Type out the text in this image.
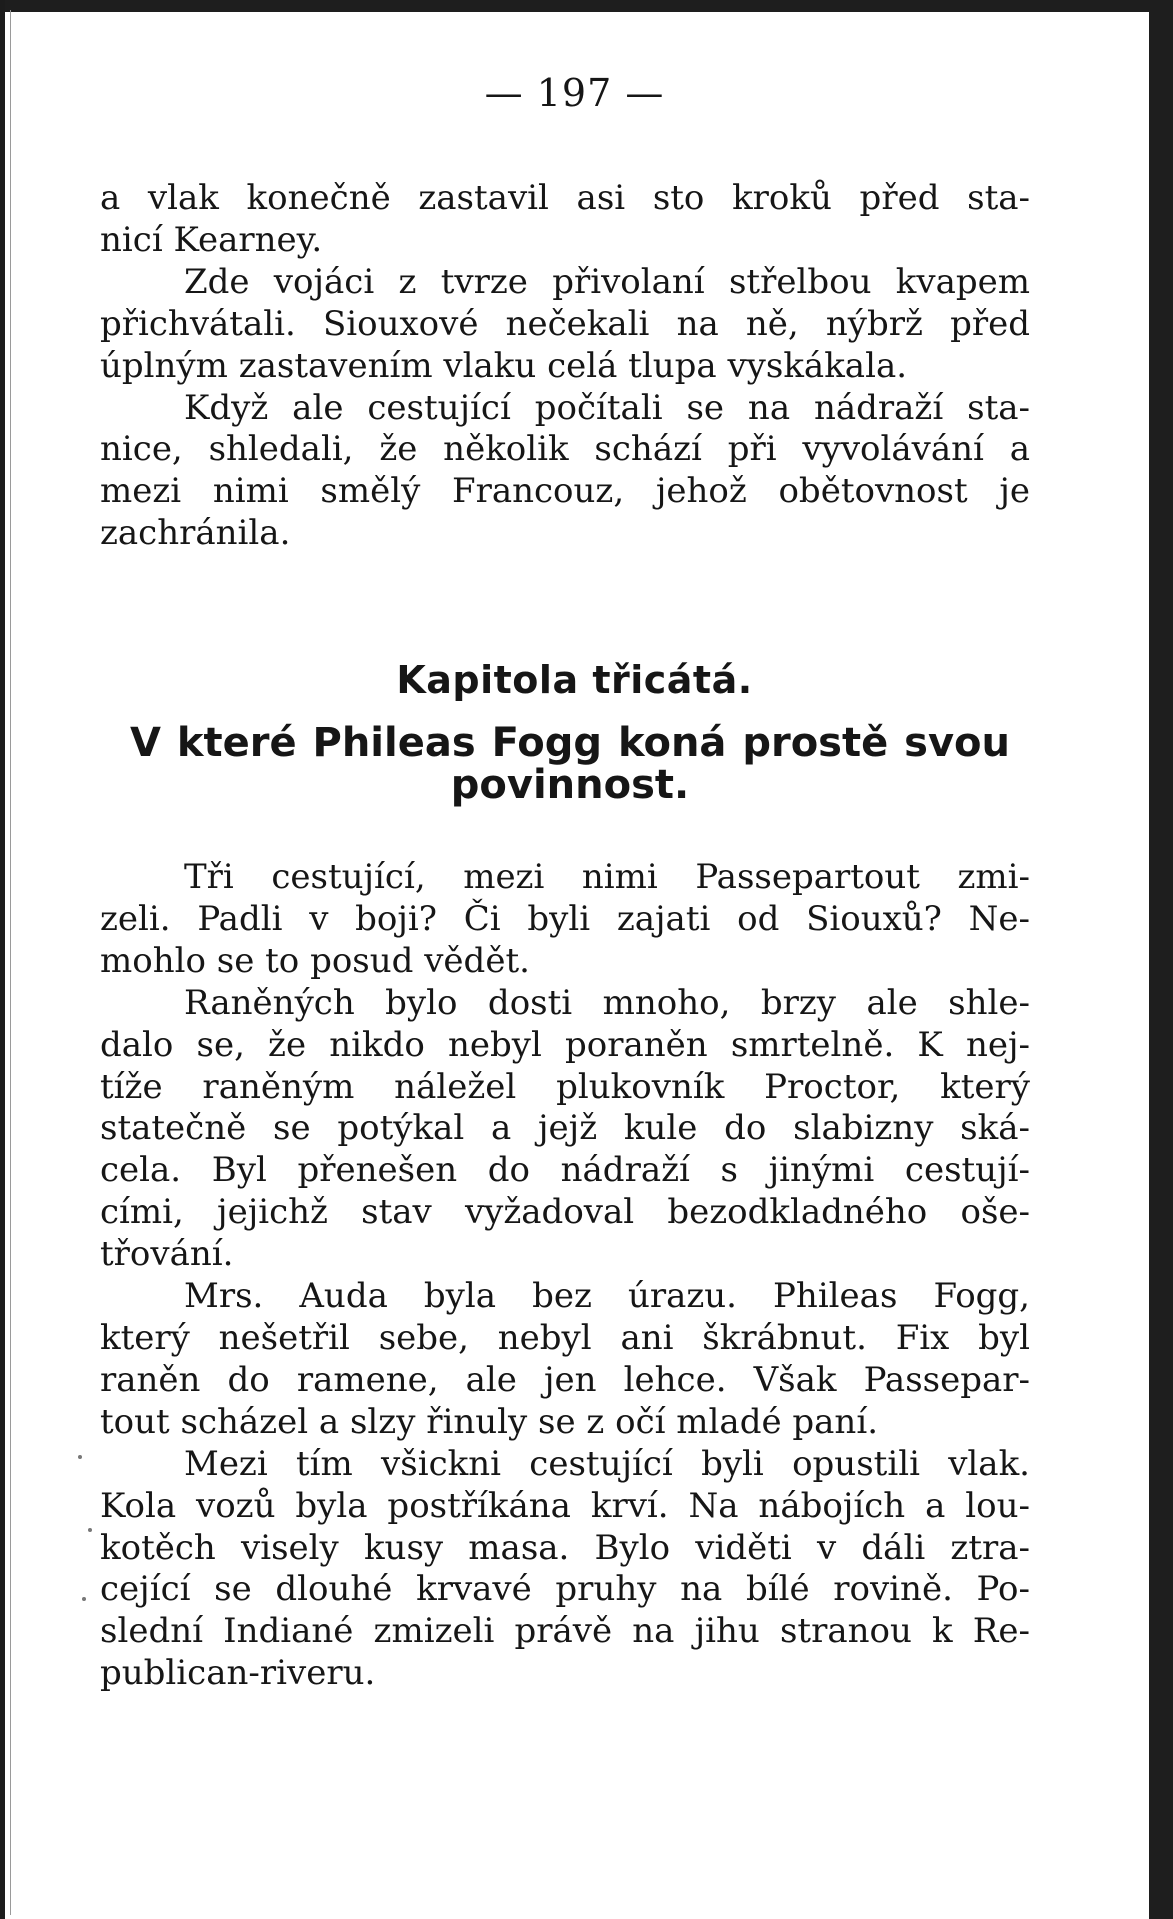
— 197 —
a vlak konečně zastavil asi sto kroků před sta-
nicí Kearney.
Zde vojáci z tvrze přivolaní střelbou kvapem
přichvátali. Siouxové nečekali na ně, nýbrž před
úplným zastavením vlaku celá tlupa vyskákala.
Když ale cestující počítali se na nádraží sta-
nice, shledali, že několik schází při vyvolávání a
mezi nimi smělý Francouz, jehož obětovnost je
zachránila.
Kapitola třicátá.
V které Phileas Fogg koná prostě svou
povinnost.
Tři cestující, mezi nimi Passepartout zmi-
zeli. Padli v boji? Či byli zajati od Siouxů? Ne-
mohlo se to posud vědět.
Raněných bylo dosti mnoho, brzy ale shle-
dalo se, že nikdo nebyl poraněn smrtelně. K nej-
tíže raněným náležel plukovník Proctor, který
statečně se potýkal a jejž kule do slabizny ská-
cela. Byl přenešen do nádraží s jinými cestují-
cími, jejichž stav vyžadoval bezodkladného oše-
třování.
Mrs. Auda byla bez úrazu. Phileas Fogg,
který nešetřil sebe, nebyl ani škrábnut. Fix byl
raněn do ramene, ale jen lehce. Však Passepar-
tout scházel a slzy řinuly se z očí mladé paní.
Mezi tím všickni cestující byli opustili vlak.
Kola vozů byla postříkána krví. Na nábojích a lou-
kotěch visely kusy masa. Bylo viděti v dáli ztra-
cející se dlouhé krvavé pruhy na bílé rovině. Po-
slední Indiané zmizeli právě na jihu stranou k Re-
publican-riveru.
